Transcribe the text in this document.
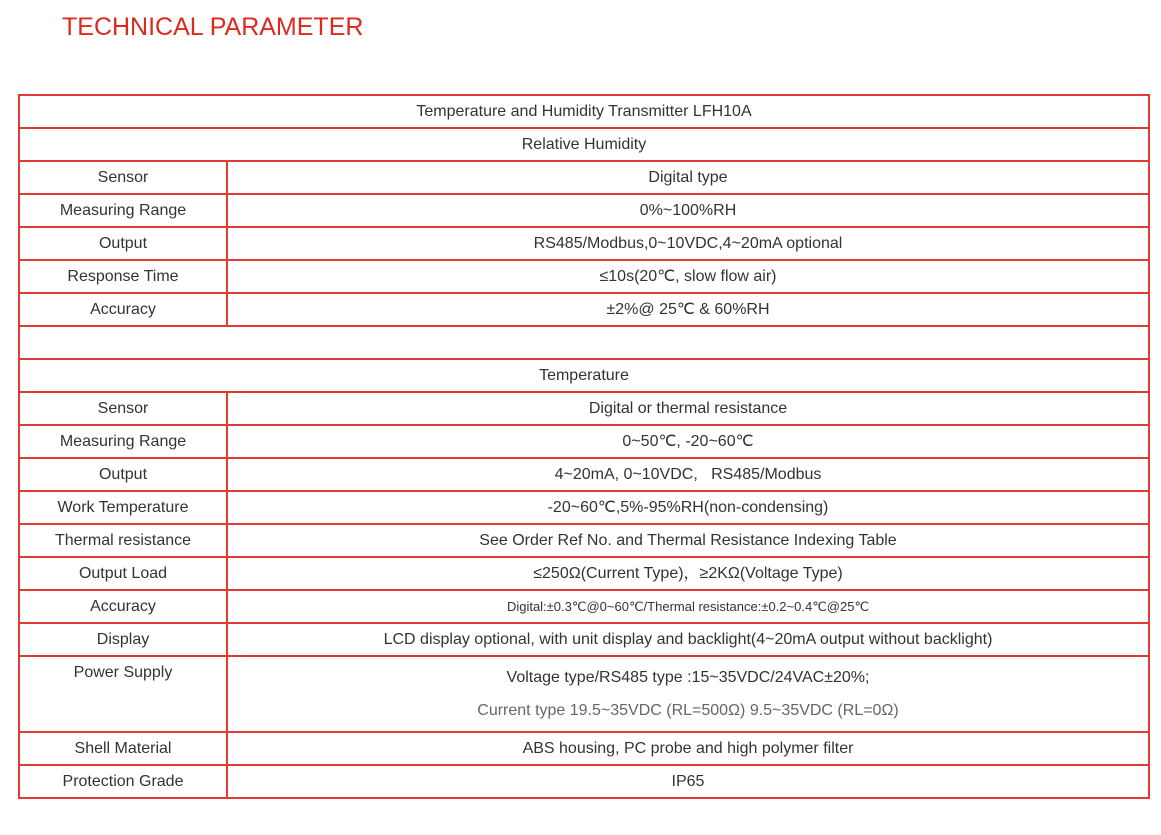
TECHNICAL PARAMETER
Temperature and Humidity Transmitter LFH10A	
Relative Humidity	
Sensor	Digital type
Measuring Range	0%~100%RH
Output	RS485/Modbus,0~10VDC,4~20mA optional
Response Time	≤10s(20℃, slow flow air)
Accuracy	±2%@ 25℃ & 60%RH

Temperature	
Sensor	Digital or thermal resistance
Measuring Range	0~50℃, -20~60℃
Output	4~20mA, 0~10VDC,   RS485/Modbus
Work Temperature	-20~60℃,5%-95%RH(non-condensing)
Thermal resistance	See Order Ref No. and Thermal Resistance Indexing Table
Output Load	≤250Ω(Current Type)，≥2KΩ(Voltage Type)
Accuracy	Digital:±0.3℃@0~60℃/Thermal resistance:±0.2~0.4℃@25℃
Display	LCD display optional, with unit display and backlight(4~20mA output without backlight)
Power Supply	Voltage type/RS485 type :15~35VDC/24VAC±20%;
Current type 19.5~35VDC (RL=500Ω) 9.5~35VDC (RL=0Ω)

Shell Material	ABS housing, PC probe and high polymer filter
Protection Grade	IP65
